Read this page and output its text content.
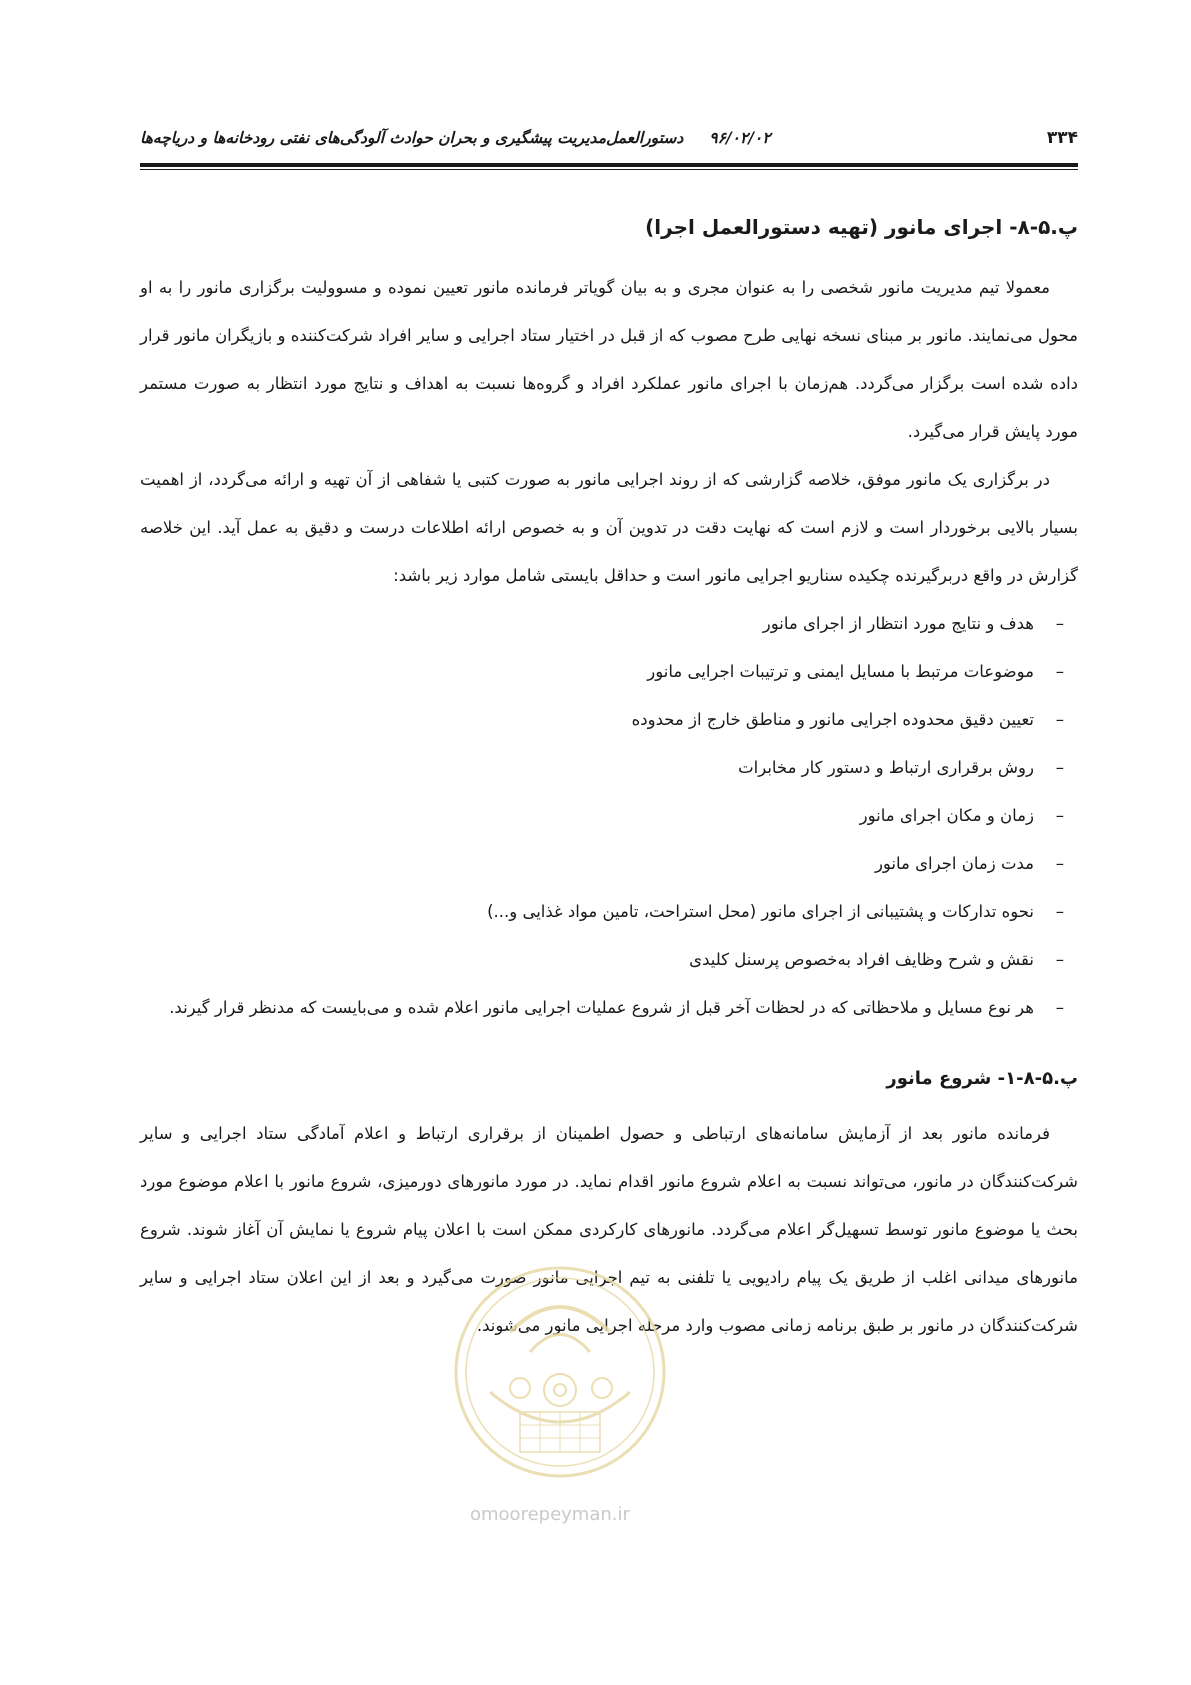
۳۳۴
۹۶/۰۲/۰۲دستورالعمل‌مدیریت پیشگیری و بحران حوادث آلودگی‌های نفتی رودخانه‌ها و دریاچه‌ها
پ.۵-۸- اجرای مانور (تهیه دستورالعمل اجرا)

معمولا تیم مدیریت مانور شخصی را به عنوان مجری و به بیان گویاتر فرمانده مانور تعیین نموده و مسوولیت برگزاری مانور را به او محول می‌نمایند. مانور بر مبنای نسخه نهایی طرح مصوب که از قبل در اختیار ستاد اجرایی و سایر افراد شرکت‌کننده و بازیگران مانور قرار داده شده است برگزار می‌گردد. هم‌زمان با اجرای مانور عملکرد افراد و گروه‌ها نسبت به اهداف و نتایج مورد انتظار به صورت مستمر مورد پایش قرار می‌گیرد.

در برگزاری یک مانور موفق، خلاصه گزارشی که از روند اجرایی مانور به صورت کتبی یا شفاهی از آن تهیه و ارائه می‌گردد، از اهمیت بسیار بالایی برخوردار است و لازم است که نهایت دقت در تدوین آن و به خصوص ارائه اطلاعات درست و دقیق به عمل آید. این خلاصه گزارش در واقع دربرگیرنده چکیده سناریو اجرایی مانور است و حداقل بایستی شامل موارد زیر باشد:

–
هدف و نتایج مورد انتظار از اجرای مانور
–
موضوعات مرتبط با مسایل ایمنی و ترتیبات اجرایی مانور
–
تعیین دقیق محدوده اجرایی مانور و مناطق خارج از محدوده
–
روش برقراری ارتباط و دستور کار مخابرات
–
زمان و مکان اجرای مانور
–
مدت زمان اجرای مانور
–
نحوه تدارکات و پشتیبانی از اجرای مانور (محل استراحت، تامین مواد غذایی و...)
–
نقش و شرح وظایف افراد به‌خصوص پرسنل کلیدی
–
هر نوع مسایل و ملاحظاتی که در لحظات آخر قبل از شروع عملیات اجرایی مانور اعلام شده و می‌بایست که مدنظر قرار گیرند.
پ.۵-۸-۱- شروع مانور

فرمانده مانور بعد از آزمایش سامانه‌های ارتباطی و حصول اطمینان از برقراری ارتباط و اعلام آمادگی ستاد اجرایی و سایر شرکت‌کنندگان در مانور، می‌تواند نسبت به اعلام شروع مانور اقدام نماید. در مورد مانورهای دورمیزی، شروع مانور با اعلام موضوع مورد بحث یا موضوع مانور توسط تسهیل‌گر اعلام می‌گردد. مانورهای کارکردی ممکن است با اعلان پیام شروع یا نمایش آن آغاز شوند. شروع مانورهای میدانی اغلب از طریق یک پیام رادیویی یا تلفنی به تیم اجرایی مانور صورت می‌گیرد و بعد از این اعلان ستاد اجرایی و سایر شرکت‌کنندگان در مانور بر طبق برنامه زمانی مصوب وارد مرحله اجرایی مانور می‌شوند.

omoorepeyman.ir
